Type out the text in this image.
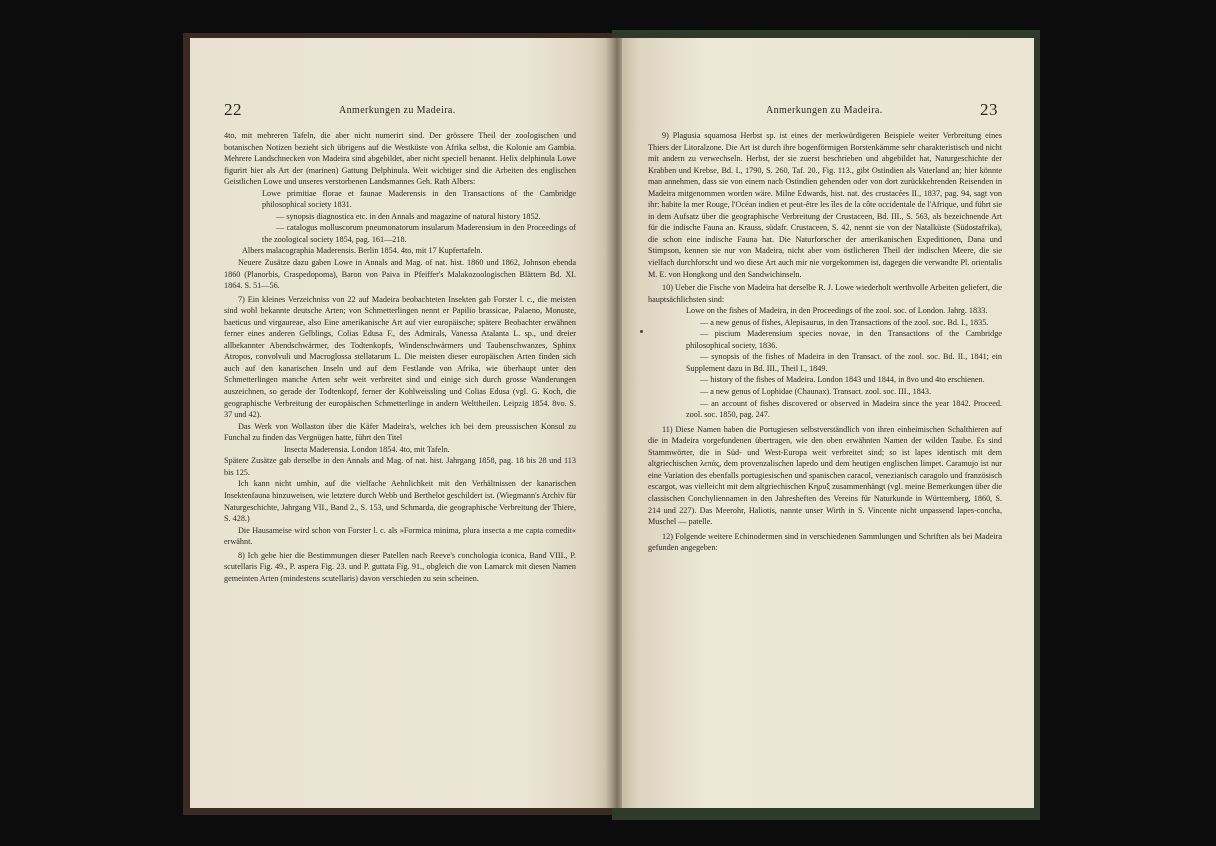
22	Anmerkungen zu Madeira.

4to, mit mehreren Tafeln, die aber nicht numerirt sind. Der grössere Theil der zoologischen und botanischen Notizen bezieht sich übrigens auf die Westküste von Afrika selbst, die Kolonie am Gambia. Mehrere Landschnecken von Madeira sind abgebildet, aber nicht speciell benannt. Helix delphinula Lowe figurirt hier als Art der (marinen) Gattung Delphinula. Weit wichtiger sind die Arbeiten des englischen Geistlichen Lowe und unseres verstorbenen Landsmannes Geh. Rath Albers:

Lowe primitiae florae et faunae Maderensis in den Transactions of the Cambridge philosophical society 1831.

— synopsis diagnostica etc. in den Annals and magazine of natural history 1852.

— catalogus molluscorum pneumonatorum insularum Maderensium in den Proceedings of the zoological society 1854, pag. 161—218.

Albers malacographia Maderensis. Berlin 1854. 4to, mit 17 Kupfertafeln.

Neuere Zusätze dazu gaben Lowe in Annals and Mag. of nat. hist. 1860 und 1862, Johnson ebenda 1860 (Planorbis, Craspedopoma), Baron von Paiva in Pfeiffer's Malakozoologischen Blättern Bd. XI. 1864. S. 51—56.

7) Ein kleines Verzeichniss von 22 auf Madeira beobachteten Insekten gab Forster l. c., die meisten sind wohl bekannte deutsche Arten; von Schmetterlingen nennt er Papilio brassicae, Palaeno, Monuste, baeticus und virgaureae, also Eine amerikanische Art auf vier europäische; spätere Beobachter erwähnen ferner eines anderen Gelblings, Colias Edusa F., des Admirals, Vanessa Atalanta L. sp., und dreier allbekannter Abendschwärmer, des Todtenkopfs, Windenschwärmers und Taubenschwanzes, Sphinx Atropos, convolvuli und Macroglossa stellatarum L. Die meisten dieser europäischen Arten finden sich auch auf den kanarischen Inseln und auf dem Festlande von Afrika, wie überhaupt unter den Schmetterlingen manche Arten sehr weit verbreitet sind und einige sich durch grosse Wanderungen auszeichnen, so gerade der Todtenkopf, ferner der Kohlweissling und Colias Edusa (vgl. G. Koch, die geographische Verbreitung der europäischen Schmetterlinge in andern Welttheilen. Leipzig 1854. 8vo. S. 37 und 42).

Das Werk von Wollaston über die Käfer Madeira's, welches ich bei dem preussischen Konsul zu Funchal zu finden das Vergnügen hatte, führt den Titel

Insecta Maderensia. London 1854. 4to, mit Tafeln.

Spätere Zusätze gab derselbe in den Annals and Mag. of nat. hist. Jahrgang 1858, pag. 18 bis 28 und 113 bis 125.

Ich kann nicht umhin, auf die vielfache Aehnlichkeit mit den Verhältnissen der kanarischen Insektenfauna hinzuweisen, wie letztere durch Webb und Berthelot geschildert ist. (Wiegmann's Archiv für Naturgeschichte, Jahrgang VII., Band 2., S. 153, und Schmarda, die geographische Verbreitung der Thiere, S. 428.)

Die Hausameise wird schon von Forster l. c. als »Formica minima, plura insecta a me capta comedit« erwähnt.

8) Ich gebe hier die Bestimmungen dieser Patellen nach Reeve's conchologia iconica, Band VIII., P. scutellaris Fig. 49., P. aspera Fig. 23. und P. guttata Fig. 91., obgleich die von Lamarck mit diesen Namen gemeinten Arten (mindestens scutellaris) davon verschieden zu sein scheinen.

Anmerkungen zu Madeira.	23

9) Plagusia squamosa Herbst sp. ist eines der merkwürdigeren Beispiele weiter Verbreitung eines Thiers der Litoralzone. Die Art ist durch ihre bogenförmigen Borstenkämme sehr charakteristisch und nicht mit andern zu verwechseln. Herbst, der sie zuerst beschrieben und abgebildet hat, Naturgeschichte der Krabben und Krebse, Bd. I., 1790, S. 260, Taf. 20., Fig. 113., gibt Ostindien als Vaterland an; hier könnte man annehmen, dass sie von einem nach Ostindien gehenden oder von dort zurückkehrenden Reisenden in Madeira mitgenommen worden wäre. Milne Edwards, hist. nat. des crustacées II., 1837, pag. 94, sagt von ihr: habite la mer Rouge, l'Océan indien et peut-être les îles de la côte occidentale de l'Afrique, und führt sie in dem Aufsatz über die geographische Verbreitung der Crustaceen, Bd. III., S. 563, als bezeichnende Art für die indische Fauna an. Krauss, südafr. Crustaceen, S. 42, nennt sie von der Natalküste (Südostafrika), die schon eine indische Fauna hat. Die Naturforscher der amerikanischen Expeditionen, Dana und Stimpson, kennen sie nur von Madeira, nicht aber vom östlicheren Theil der indischen Meere, die sie vielfach durchforscht und wo diese Art auch mir nie vorgekommen ist, dagegen die verwandte Pl. orientalis M. E. von Hongkong und den Sandwichinseln.

10) Ueber die Fische von Madeira hat derselbe R. J. Lowe wiederholt werthvolle Arbeiten geliefert, die hauptsächlichsten sind:

Lowe on the fishes of Madeira, in den Proceedings of the zool. soc. of London. Jahrg. 1833.

— a new genus of fishes, Alepisaurus, in den Transactions of the zool. soc. Bd. I., 1835.

— piscium Maderensium species novae, in den Transactions of the Cambridge philosophical society, 1836.

— synopsis of the fishes of Madeira in den Transact. of the zool. soc. Bd. II., 1841; ein Supplement dazu in Bd. III., Theil I., 1849.

— history of the fishes of Madeira. London 1843 und 1844, in 8vo und 4to erschienen.

— a new genus of Lophidae (Chaunax). Transact. zool. soc. III., 1843.

— an account of fishes discovered or observed in Madeira since the year 1842. Proceed. zool. soc. 1850, pag. 247.

11) Diese Namen haben die Portugiesen selbstverständlich von ihren einheimischen Schalthieren auf die in Madeira vorgefundenen übertragen, wie den oben erwähnten Namen der wilden Taube. Es sind Stammwörter, die in Süd- und West-Europa weit verbreitet sind; so ist lapes identisch mit dem altgriechischen λεπάς, dem provenzalischen lapedo und dem heutigen englischen limpet. Caramujo ist nur eine Variation des ebenfalls portugiesischen und spanischen caracol, venezianisch caragolo und französisch escargot, was vielleicht mit dem altgriechischen Κηρυξ zusammenhängt (vgl. meine Bemerkungen über die classischen Conchyliennamen in den Jahresheften des Vereins für Naturkunde in Württemberg, 1860, S. 214 und 227). Das Meerohr, Haliotis, nannte unser Wirth in S. Vincente nicht unpassend lapes-concha, Muschel — patelle.

12) Folgende weitere Echinodermen sind in verschiedenen Sammlungen und Schriften als bei Madeira gefunden angegeben:
